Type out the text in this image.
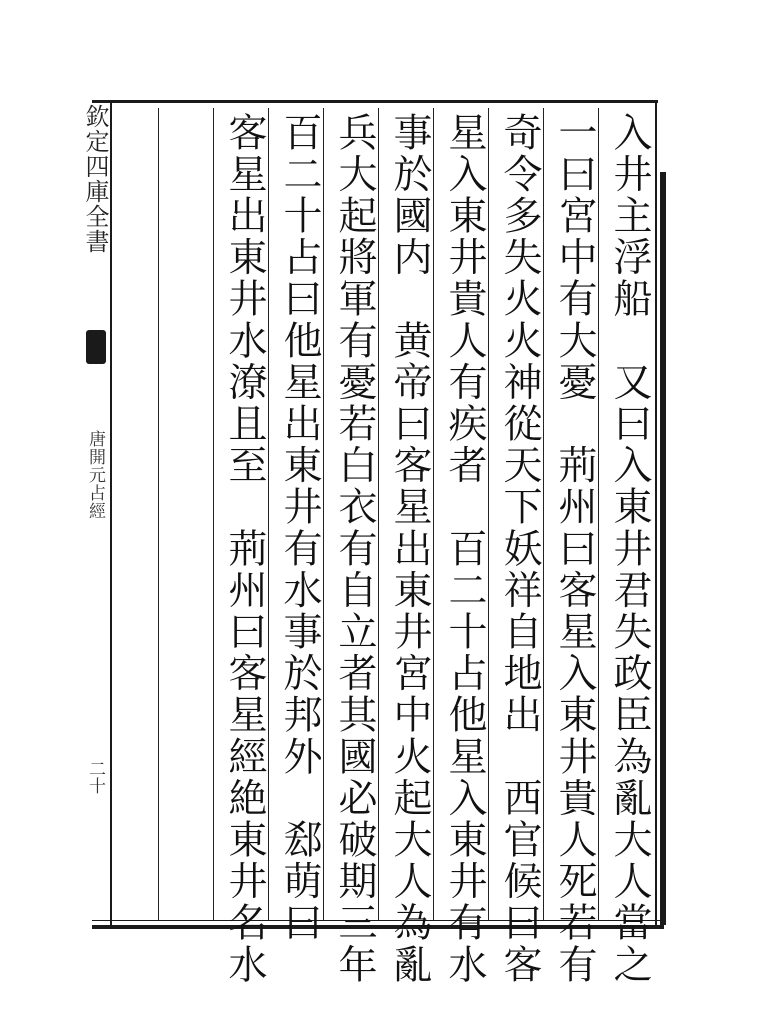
欽定四庫全書
唐開元占經
二十	入井主浮船　又曰入東井君失政臣為亂大人當之
一曰宮中有大憂　荊州曰客星入東井貴人死若有
奇令多失火火神從天下妖祥自地出　西官候曰客
星入東井貴人有疾者　百二十占他星入東井有水
事於國内　黄帝曰客星出東井宮中火起大人為亂
兵大起將軍有憂若白衣有自立者其國必破期三年
百二十占曰他星出東井有水事於邦外　郄萌曰
客星出東井水潦且至　荊州曰客星經絶東井名水
